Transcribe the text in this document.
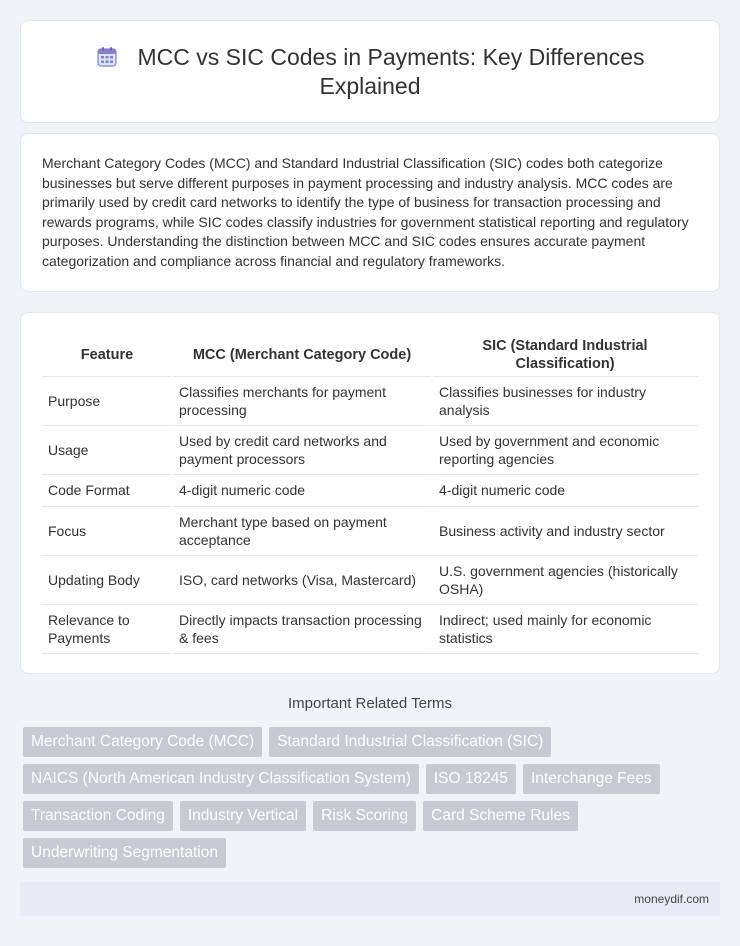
MCC vs SIC Codes in Payments: Key Differences Explained

Merchant Category Codes (MCC) and Standard Industrial Classification (SIC) codes both categorize businesses but serve different purposes in payment processing and industry analysis. MCC codes are primarily used by credit card networks to identify the type of business for transaction processing and rewards programs, while SIC codes classify industries for government statistical reporting and regulatory purposes. Understanding the distinction between MCC and SIC codes ensures accurate payment categorization and compliance across financial and regulatory frameworks.

Feature	MCC (Merchant Category Code)	SIC (Standard Industrial Classification)
Purpose	Classifies merchants for payment processing	Classifies businesses for industry analysis
Usage	Used by credit card networks and payment processors	Used by government and economic reporting agencies
Code Format	4-digit numeric code	4-digit numeric code
Focus	Merchant type based on payment acceptance	Business activity and industry sector
Updating Body	ISO, card networks (Visa, Mastercard)	U.S. government agencies (historically OSHA)
Relevance to Payments	Directly impacts transaction processing & fees	Indirect; used mainly for economic statistics
Important Related Terms
Merchant Category Code (MCC)	Standard Industrial Classification (SIC)
NAICS (North American Industry Classification System)	ISO 18245	Interchange Fees
Transaction Coding	Industry Vertical	Risk Scoring	Card Scheme Rules
Underwriting Segmentation
moneydif.com
